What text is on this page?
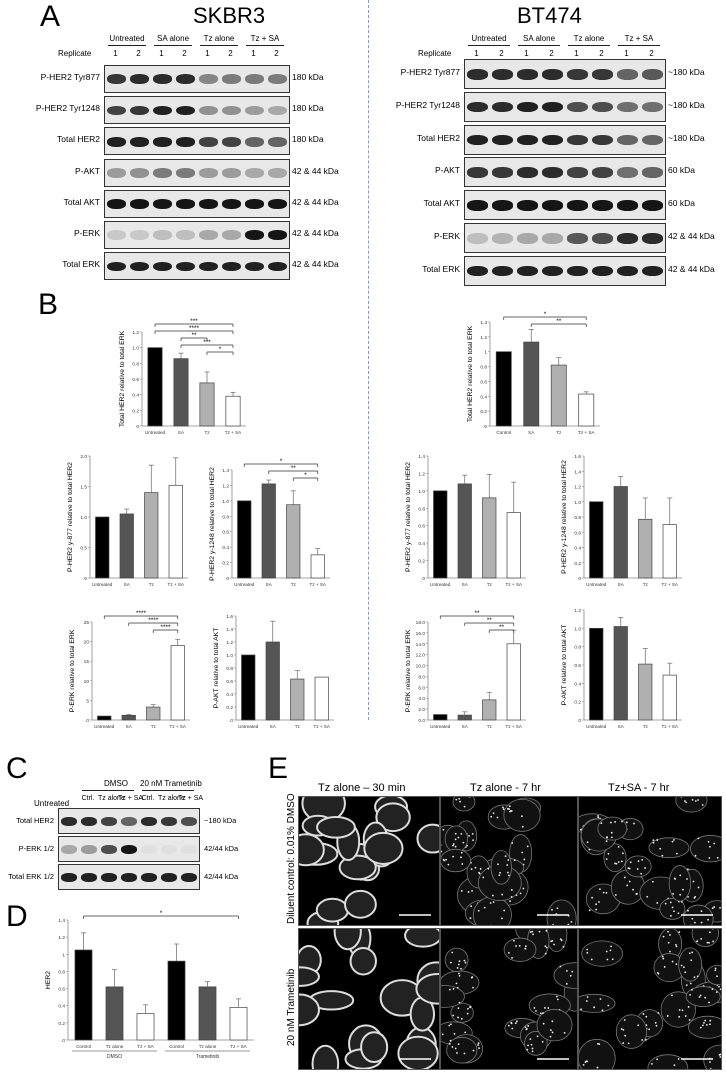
A
B
C
D
E
SKBR3	BT474
Untreated	SA alone	Tz alone	Tz + SA
Replicate	1	2	1	2	1	2	1	2
P-HER2 Tyr877	180 kDa
P-HER2 Tyr1248	180 kDa
Total HER2	180 kDa
P-AKT	42 & 44 kDa
Total AKT	42 & 44 kDa
P-ERK	42 & 44 kDa
Total ERK	42 & 44 kDa
Untreated	SA alone	Tz alone	Tz + SA
Replicate	1	2	1	2	1	2	1	2
P-HER2 Tyr877	~180 kDa
P-HER2 Tyr1248	~180 kDa
Total HER2	~180 kDa
P-AKT	60 kDa
Total AKT	60 kDa
P-ERK	42 & 44 kDa
Total ERK	42 & 44 kDa
Untreated
DMSO	20 nM Trametinib
Ctrl. Tz alone
Tz + SA
Ctrl. Tz alone
Tz + SA
Total HER2	~180 kDa
P-ERK 1/2	42/44 kDa
Total ERK 1/2	42/44 kDa
0
0.2
0.4
0.6
0.8
1.0
1.2
Total HER2 relative to total ERK
Untreated	SA	Tz	Tz + SA
***
****
**
***
*
0
0.2
0.4
0.6
0.8
1
1.2
1.4
Total HER2 relative to total ERK
Control	SA	Tz	Tz + SA
*
**
0
0.5
1.0
1.5
2.0
P-HER2 y-877 relative to total HER2
Untreated SA	Tz	Tz + SA
0
0.2
0.4
0.6
0.8
1.0
1.2
1.4
P-HER2 y-1248 relative to total HER2
Untreated SA	Tz	Tz + SA
*
**
*
0
0.2
0.4
0.6
0.8
1.0
1.2
1.4
P-HER2 y-877 relative to total HER2
Untreated SA	Tz	Tz + SA
0
0.2
0.4
0.6
0.8
1.0
1.2
1.4
1.6
P-HER2 y-1248 relative to total HER2
Untreated SA	Tz	Tz + SA
0
5
10
15
20
25
P-ERK relative to total ERK
Untreated SA	Tz	Tz + SA
****
****
****
0
0.2
0.4
0.6
0.8
1.0
1.2
1.4
1.6
P-AKT relative to total AKT
Untreated SA	Tz	Tz + SA
0.0
2.0
4.0
6.0
8.0
10.0
12.0
14.0
16.0
18.0
P-ERK relative to total ERK
Untreated SA	Tz	Tz + SA
**
**
**
0
0.2
0.4
0.6
0.8
1.0
1.2
P-AKT relative to total AKT
Untreated SA	Tz	Tz + SA
0
0.2
0.4
0.6
0.8
1
1.2
1.4
HER2
Control	Tz alone	Tz + SA	Control	Tz alone	Tz + SA
*
DMSO	Trametinib
Tz alone – 30 min	Tz alone - 7 hr	Tz+SA - 7 hr
Diluent control: 0.01% DMSO
20 nM Trametinib
